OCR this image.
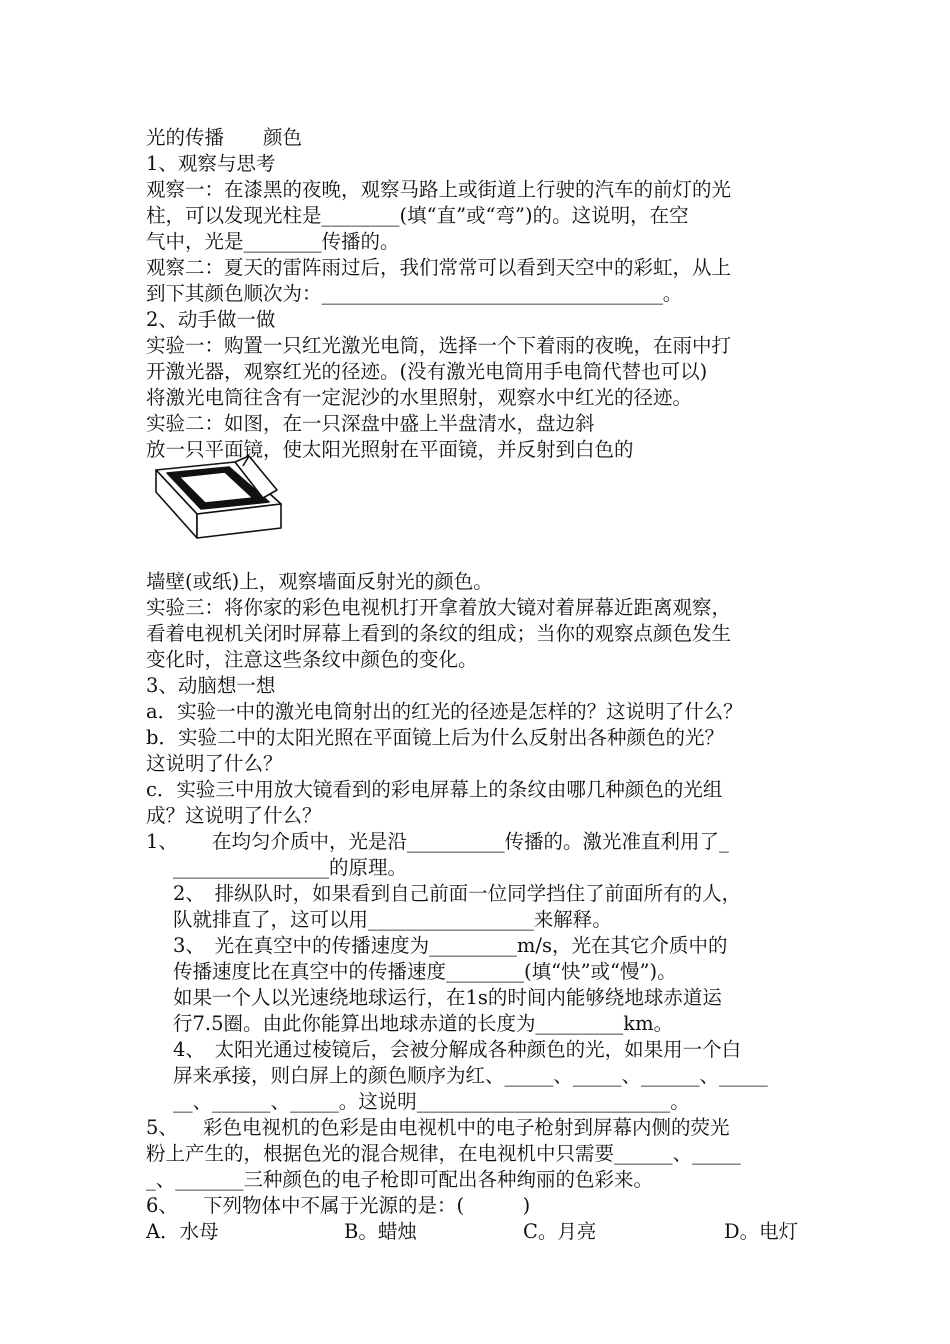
光的传播　　颜色
1、观察与思考
观察一：在漆黑的夜晚，观察马路上或街道上行驶的汽车的前灯的光
柱，可以发现光柱是________(填“直”或“弯”)的。这说明，在空
气中，光是________传播的。
观察二：夏天的雷阵雨过后，我们常常可以看到天空中的彩虹，从上
到下其颜色顺次为：___________________________________。
2、动手做一做
实验一：购置一只红光激光电筒，选择一个下着雨的夜晚，在雨中打
开激光器，观察红光的径迹。(没有激光电筒用手电筒代替也可以)
将激光电筒往含有一定泥沙的水里照射，观察水中红光的径迹。
实验二：如图，在一只深盘中盛上半盘清水，盘边斜
放一只平面镜，使太阳光照射在平面镜，并反射到白色的
墙壁(或纸)上，观察墙面反射光的颜色。
实验三：将你家的彩色电视机打开拿着放大镜对着屏幕近距离观察，
看着电视机关闭时屏幕上看到的条纹的组成；当你的观察点颜色发生
变化时，注意这些条纹中颜色的变化。
3、动脑想一想
a．实验一中的激光电筒射出的红光的径迹是怎样的？这说明了什么？
b．实验二中的太阳光照在平面镜上后为什么反射出各种颜色的光？
这说明了什么？
c．实验三中用放大镜看到的彩电屏幕上的条纹由哪几种颜色的光组
成？这说明了什么？
1、 在均匀介质中，光是沿__________传播的。激光准直利用了_
________________的原理。
2、　排纵队时，如果看到自己前面一位同学挡住了前面所有的人，
队就排直了，这可以用_________________来解释。
3、　光在真空中的传播速度为_________m/s，光在其它介质中的
传播速度比在真空中的传播速度________(填“快”或“慢”)。
如果一个人以光速绕地球运行，在1s的时间内能够绕地球赤道运
行7.5圈。由此你能算出地球赤道的长度为_________km。
4、　太阳光通过棱镜后，会被分解成各种颜色的光，如果用一个白
屏来承接，则白屏上的颜色顺序为红、_____、_____、______、_____
__、______、_____。这说明__________________________。
5、 彩色电视机的色彩是由电视机中的电子枪射到屏幕内侧的荧光
粉上产生的，根据色光的混合规律，在电视机中只需要______、_____
_、_______三种颜色的电子枪即可配出各种绚丽的色彩来。
6、 下列物体中不属于光源的是：(　　　)
A．水母	B。蜡烛	C。月亮	D。电灯
